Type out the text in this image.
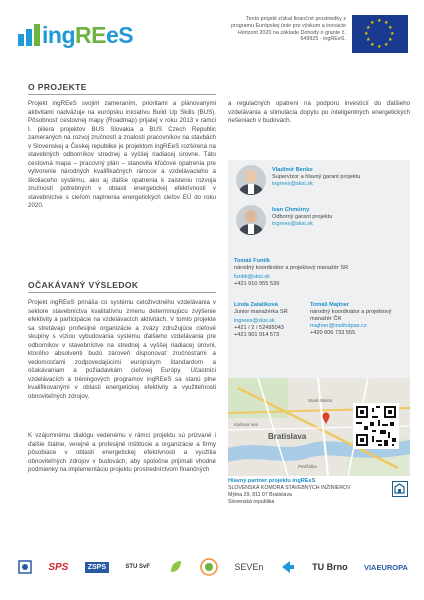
ingREeS
Tento projekt získal finančné prostriedky z programu Európskej únie pre výskum a inovácie Horizont 2020 na základe Dohody o grante č. 649925 - ingREeS.
★ ★
★
★
★
★
★
★
★
★
★
★
O PROJEKTE
Projekt ingREeS svojim zameraním, prioritami a plánovanými aktivitami nadväzuje na európsku iniciatívu Build Up Skills (BUS). Pôsobnosť cestovnej mapy (Roadmap) prijatej v roku 2013 v rámci I. piliera projektov BUS Slovakia a BUS Czech Republic zameraných na rozvoj zručností a znalostí pracovníkov na stavbách v Slovenskej a Českej republike je projektom ingREeS rozšírená na stavebných odborníkov strednej a vyššej riadiacej úrovne. Táto cestovná mapa – pracovný plán – stanovila kľúčové opatrenia pre vytvorenie národných kvalifikačných rámcov a vzdelávacieho a školiaceho systému, ako aj ďalšie opatrenia k zaisteniu rozvoja zručností potrebných v oblasti energetickej efektívnosti v stavebníctve s cieľom naplnenia energetických cieľov EÚ do roku 2020.
a regulačných opatrení na podporu investícií do ďalšieho vzdelávania a stimulácia dopytu po inteligentných energetických riešeniach v budovách.
OČAKÁVANÝ VÝSLEDOK
Projekt ingREeS prináša co systému celoživotného vzdelávania v sektore stavebníctva kvalitatívnu zmenu determinujúcu zvýšenie efektivity a participácie na vzdelávacích aktivitách. V tomto projekte sa stretávajú profesijné organizácie a zväzy združujúce cieľové skupiny s víziou vybudovania systému ďalšieho vzdelávania pre odborníkov v stavebníctve na strednej a vyššej riadiacej úrovni, ktorého absolventi budú zároveň disponovať zručnosťami a vedomosťami zodpovedajúcimi európskym štandardom a očakávaniam a požiadavkám cieľovej Európy. Účastníci vzdelávacích a tréningových programov ingREeS sa stanú plne kvalifikovanými v oblasti energetickej efektivity a využiteľnosti obnoviteľných zdrojov.
K vzájomnému dialógu vedenému v rámci projektu sú prizvané i ďalšie štátne, verejné a profesijné inštitúcie a organizácie a firmy pôsobiace v oblasti energetickej efektívnosti a využitia obnoviteľných zdrojov v budovách, aby spoločne prijímali vhodné podmienky na implementáciu projektu prostredníctvom finančných
Vladimír Benko
Supervízor a hlavný garant projektu
ingrees@sksi.sk
Ivan Chmúrny
Odborný garant projektu
ingrees@sksi.sk
Tomáš Funtík
národný koordinátor a projektový manažér SR
funtik@sksi.sk
+421 910 955 539
Linda Zatalíková
Junior manažérka SR
ingrees@sksi.sk
+421 / 2 / 52495043
+421 901 914 573
Tomáš Majtner
národný koordinátor a projektový manažér ČR
majtner@institutpas.cz
+420 606 733 555
Bratislava
Staré Mesto
Karlova Ves
Petržalka
Hlavný partner projektu ingREeS
SLOVENSKÁ KOMORA STAVEBNÝCH INŽINIEROV
Mýtna 29, 811 07 Bratislava
Slovenská republika
SPS	ZSPS	STU SvF	SEVEn	TU Brno VIAEUROPA
